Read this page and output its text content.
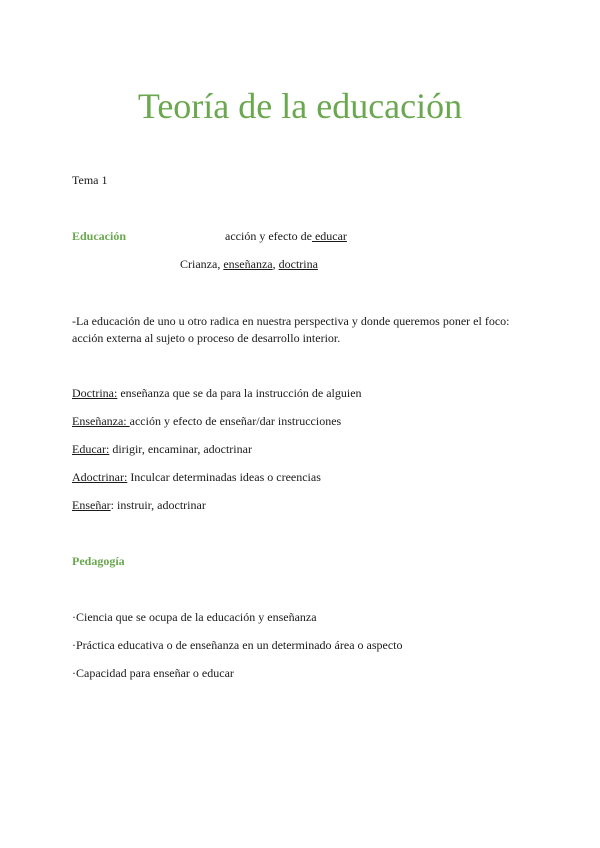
Teoría de la educación
Tema 1
Educación	acción y efecto de educar
Crianza, enseñanza, doctrina
-La educación de uno u otro radica en nuestra perspectiva y donde queremos poner el foco: acción externa al sujeto o proceso de desarrollo interior.
Doctrina: enseñanza que se da para la instrucción de alguien
Enseñanza: acción y efecto de enseñar/dar instrucciones
Educar: dirigir, encaminar, adoctrinar
Adoctrinar: Inculcar determinadas ideas o creencias
Enseñar: instruir, adoctrinar
Pedagogía
·Ciencia que se ocupa de la educación y enseñanza
·Práctica educativa o de enseñanza en un determinado área o aspecto
·Capacidad para enseñar o educar
